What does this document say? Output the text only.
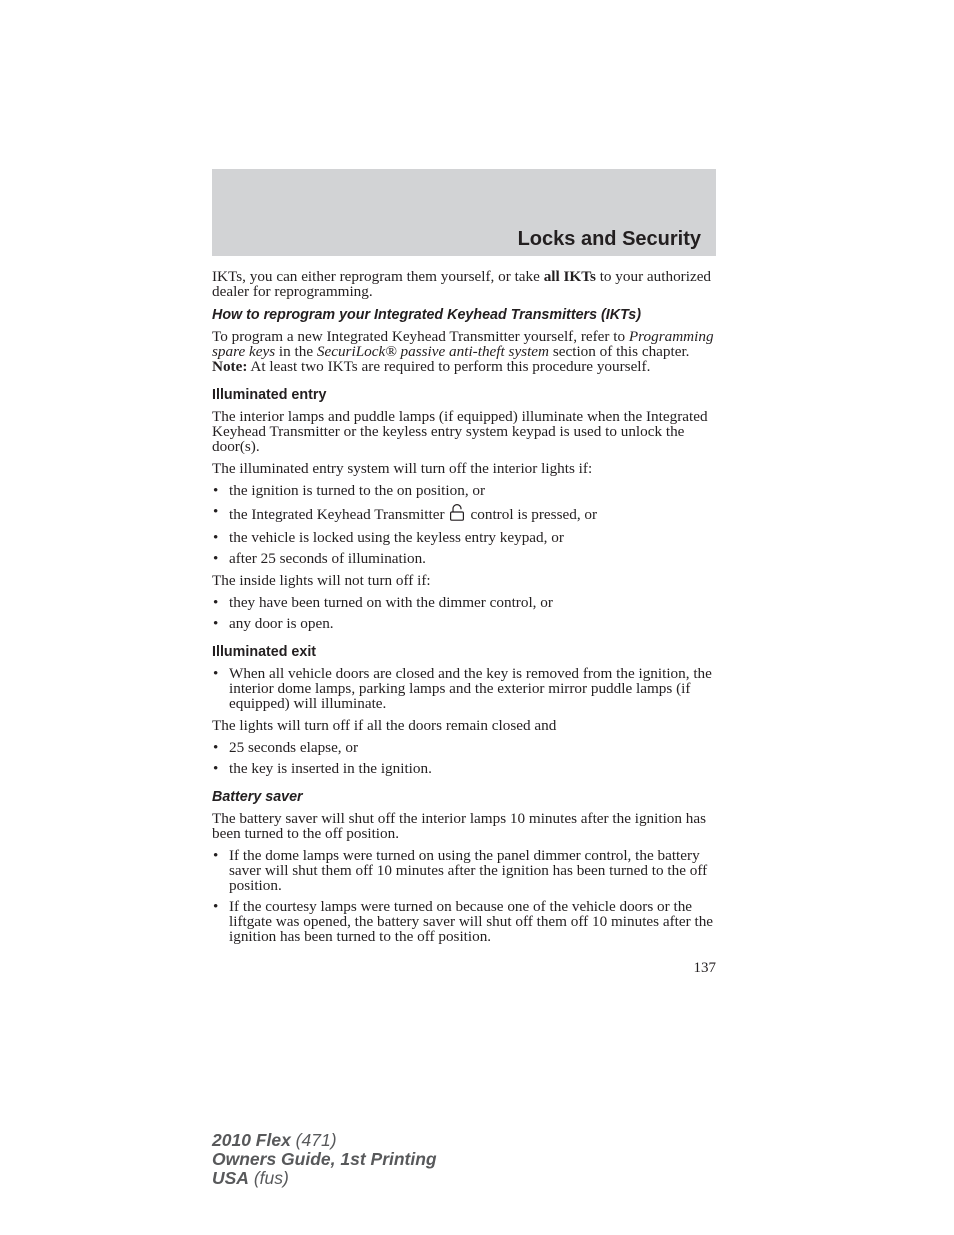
Locks and Security

IKTs, you can either reprogram them yourself, or take all IKTs to your authorized dealer for reprogramming.

How to reprogram your Integrated Keyhead Transmitters (IKTs)

To program a new Integrated Keyhead Transmitter yourself, refer to Programming spare keys in the SecuriLock® passive anti-theft system section of this chapter. Note: At least two IKTs are required to perform this procedure yourself.

Illuminated entry

The interior lamps and puddle lamps (if equipped) illuminate when the Integrated Keyhead Transmitter or the keyless entry system keypad is used to unlock the door(s).

The illuminated entry system will turn off the interior lights if:

• the ignition is turned to the on position, or
• the Integrated Keyhead Transmitter control is pressed, or
• the vehicle is locked using the keyless entry keypad, or
• after 25 seconds of illumination.

The inside lights will not turn off if:

• they have been turned on with the dimmer control, or
• any door is open.
Illuminated exit
• When all vehicle doors are closed and the key is removed from the ignition, the interior dome lamps, parking lamps and the exterior mirror puddle lamps (if equipped) will illuminate.

The lights will turn off if all the doors remain closed and

• 25 seconds elapse, or
• the key is inserted in the ignition.
Battery saver

The battery saver will shut off the interior lamps 10 minutes after the ignition has been turned to the off position.

• If the dome lamps were turned on using the panel dimmer control, the battery saver will shut them off 10 minutes after the ignition has been turned to the off position.
• If the courtesy lamps were turned on because one of the vehicle doors or the liftgate was opened, the battery saver will shut off them off 10 minutes after the ignition has been turned to the off position.
137
2010 Flex (471)
Owners Guide, 1st Printing
USA (fus)
